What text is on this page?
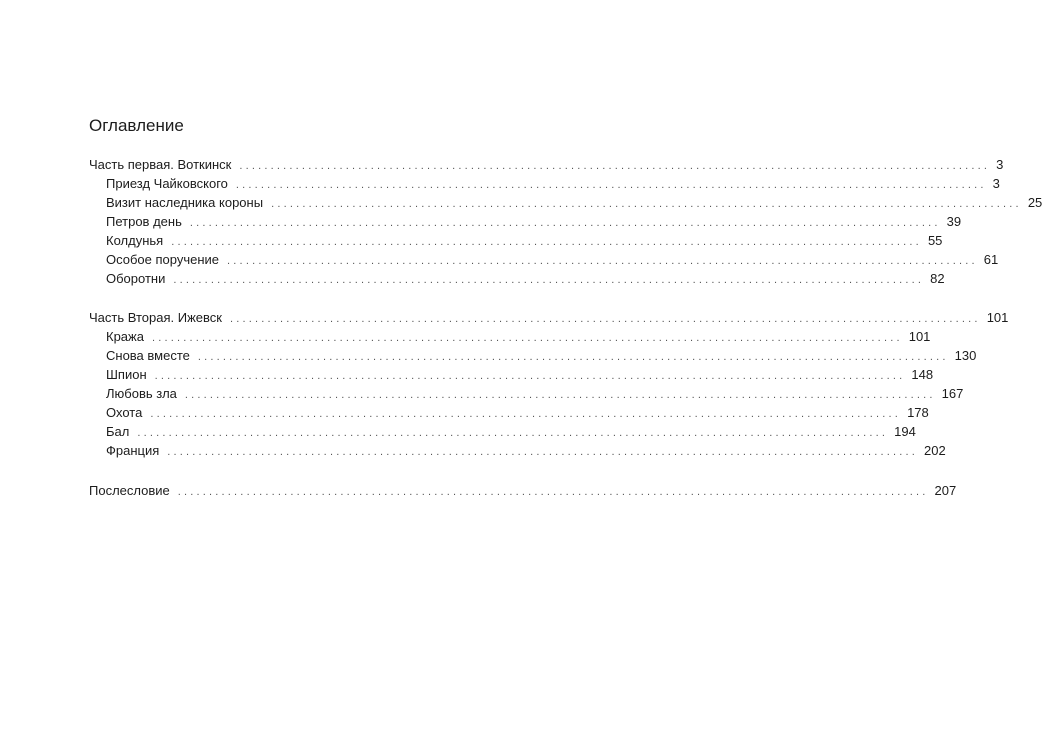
Оглавление
Часть первая. Воткинск ........................................................................................................................ 3
Приезд Чайковского ........................................................................................................................ 3
Визит наследника короны ........................................................................................................................ 25
Петров день ........................................................................................................................ 39
Колдунья ........................................................................................................................ 55
Особое поручение ........................................................................................................................ 61
Оборотни ........................................................................................................................ 82
Часть Вторая. Ижевск ........................................................................................................................ 101
Кража ........................................................................................................................ 101
Снова вместе ........................................................................................................................ 130
Шпион ........................................................................................................................ 148
Любовь зла ........................................................................................................................ 167
Охота ........................................................................................................................ 178
Бал ........................................................................................................................ 194
Франция ........................................................................................................................ 202
Послесловие ........................................................................................................................ 207
